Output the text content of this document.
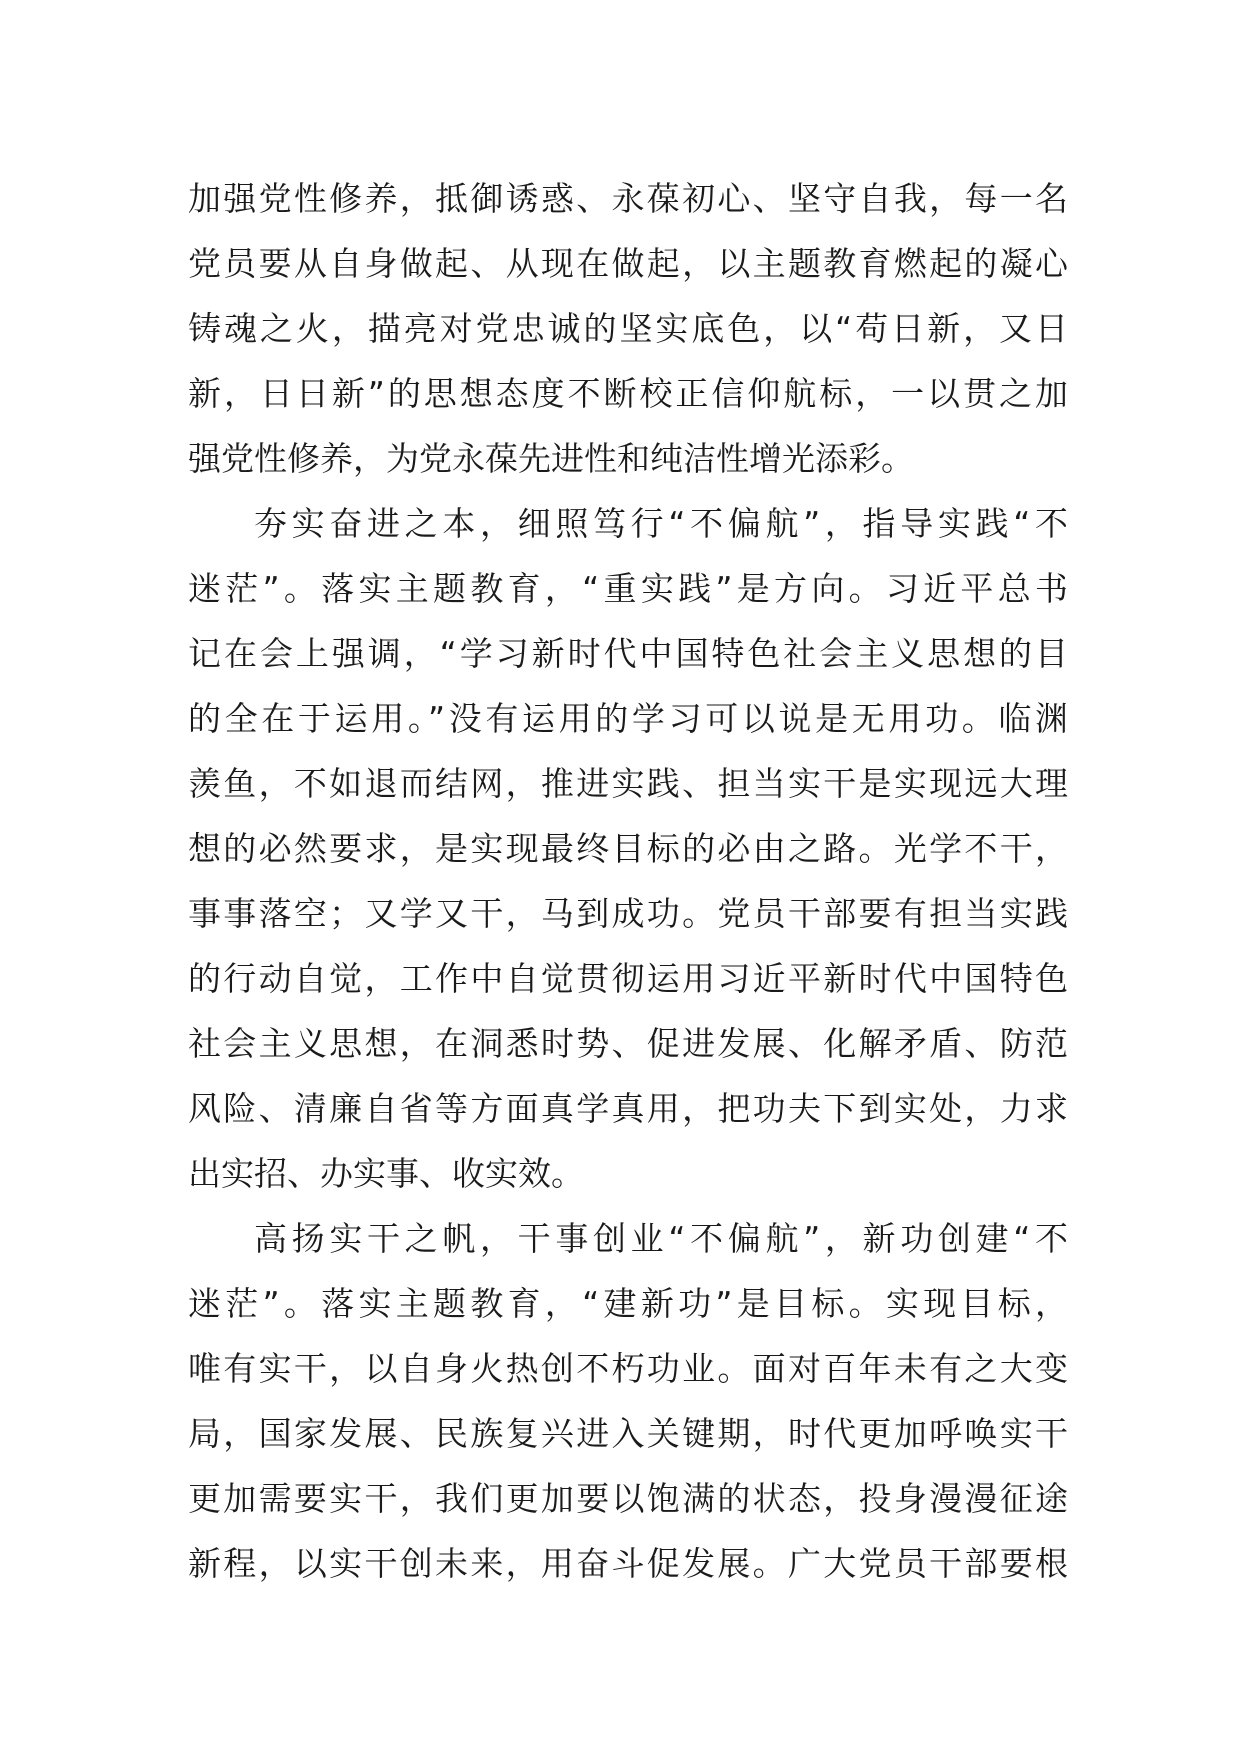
加强党性修养，抵御诱惑、永葆初心、坚守自我，每一名
党员要从自身做起、从现在做起，以主题教育燃起的凝心
铸魂之火，描亮对党忠诚的坚实底色，以“苟日新，又日
新，日日新”的思想态度不断校正信仰航标，一以贯之加
强党性修养，为党永葆先进性和纯洁性增光添彩。
夯实奋进之本，细照笃行“不偏航”，指导实践“不
迷茫”。落实主题教育，“重实践”是方向。习近平总书
记在会上强调，“学习新时代中国特色社会主义思想的目
的全在于运用。”没有运用的学习可以说是无用功。临渊
羡鱼，不如退而结网，推进实践、担当实干是实现远大理
想的必然要求，是实现最终目标的必由之路。光学不干，
事事落空；又学又干，马到成功。党员干部要有担当实践
的行动自觉，工作中自觉贯彻运用习近平新时代中国特色
社会主义思想，在洞悉时势、促进发展、化解矛盾、防范
风险、清廉自省等方面真学真用，把功夫下到实处，力求
出实招、办实事、收实效。
高扬实干之帆，干事创业“不偏航”，新功创建“不
迷茫”。落实主题教育，“建新功”是目标。实现目标，
唯有实干，以自身火热创不朽功业。面对百年未有之大变
局，国家发展、民族复兴进入关键期，时代更加呼唤实干
更加需要实干，我们更加要以饱满的状态，投身漫漫征途
新程，以实干创未来，用奋斗促发展。广大党员干部要根
